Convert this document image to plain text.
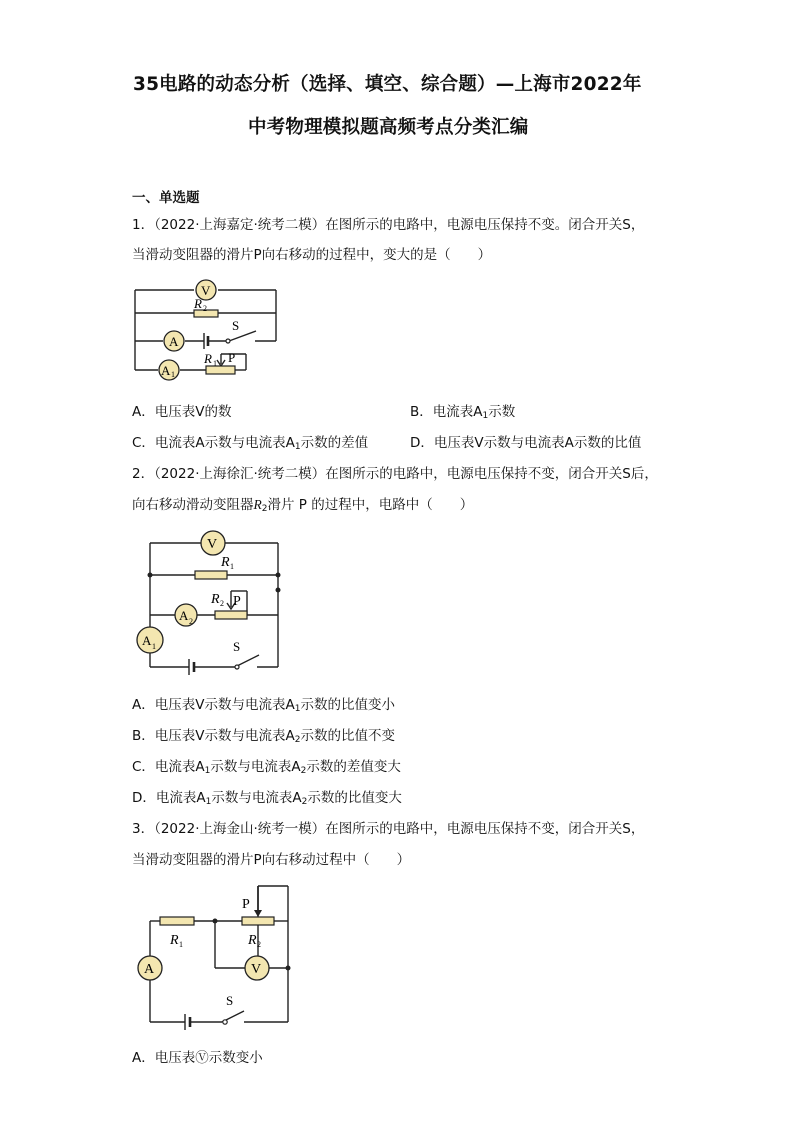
35电路的动态分析（选择、填空、综合题）—上海市2022年
中考物理模拟题高频考点分类汇编
一、单选题
1．（2022·上海嘉定·统考二模）在图所示的电路中，电源电压保持不变。闭合开关S，
当滑动变阻器的滑片P向右移动的过程中，变大的是（　　）
V
A
A 1
R 2
S
R 1 P
A．电压表V的数	B．电流表$A_1$示数
C．电流表A示数与电流表$A_1$示数的差值	D．电压表V示数与电流表A示数的比值
2．（2022·上海徐汇·统考二模）在图所示的电路中，电源电压保持不变，闭合开关S后，
向右移动滑动变阻器$R_2$滑片 P 的过程中，电路中（　　）
V
A 2
A 1
R 1
R 2 P
S
A．电压表V示数与电流表$A_1$示数的比值变小
B．电压表V示数与电流表$A_2$示数的比值不变
C．电流表$A_1$示数与电流表$A_2$示数的差值变大
D．电流表$A_1$示数与电流表$A_2$示数的比值变大
3．（2022·上海金山·统考一模）在图所示的电路中，电源电压保持不变，闭合开关S，
当滑动变阻器的滑片P向右移动过程中（　　）
A	V
R 1	R 2
P
S
A．电压表Ⓥ示数变小
